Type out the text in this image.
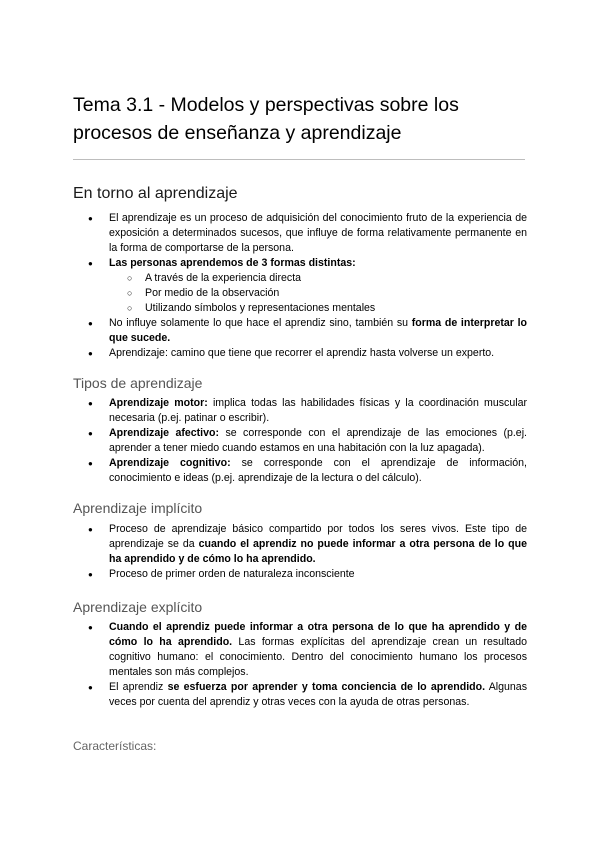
Tema 3.1 - Modelos y perspectivas sobre los procesos de enseñanza y aprendizaje
En torno al aprendizaje
● El aprendizaje es un proceso de adquisición del conocimiento fruto de la experiencia de exposición a determinados sucesos, que influye de forma relativamente permanente en la forma de comportarse de la persona.
● Las personas aprendemos de 3 formas distintas:
○ A través de la experiencia directa
○ Por medio de la observación
○ Utilizando símbolos y representaciones mentales
● No influye solamente lo que hace el aprendiz sino, también su forma de interpretar lo que sucede.
● Aprendizaje: camino que tiene que recorrer el aprendiz hasta volverse un experto.
Tipos de aprendizaje
● Aprendizaje motor: implica todas las habilidades físicas y la coordinación muscular necesaria (p.ej. patinar o escribir).
● Aprendizaje afectivo: se corresponde con el aprendizaje de las emociones (p.ej. aprender a tener miedo cuando estamos en una habitación con la luz apagada).
● Aprendizaje cognitivo: se corresponde con el aprendizaje de información, conocimiento e ideas (p.ej. aprendizaje de la lectura o del cálculo).
Aprendizaje implícito
● Proceso de aprendizaje básico compartido por todos los seres vivos. Este tipo de aprendizaje se da cuando el aprendiz no puede informar a otra persona de lo que ha aprendido y de cómo lo ha aprendido.
● Proceso de primer orden de naturaleza inconsciente
Aprendizaje explícito
● Cuando el aprendiz puede informar a otra persona de lo que ha aprendido y de cómo lo ha aprendido. Las formas explícitas del aprendizaje crean un resultado cognitivo humano: el conocimiento. Dentro del conocimiento humano los procesos mentales son más complejos.
● El aprendiz se esfuerza por aprender y toma conciencia de lo aprendido. Algunas veces por cuenta del aprendiz y otras veces con la ayuda de otras personas.
Características:
